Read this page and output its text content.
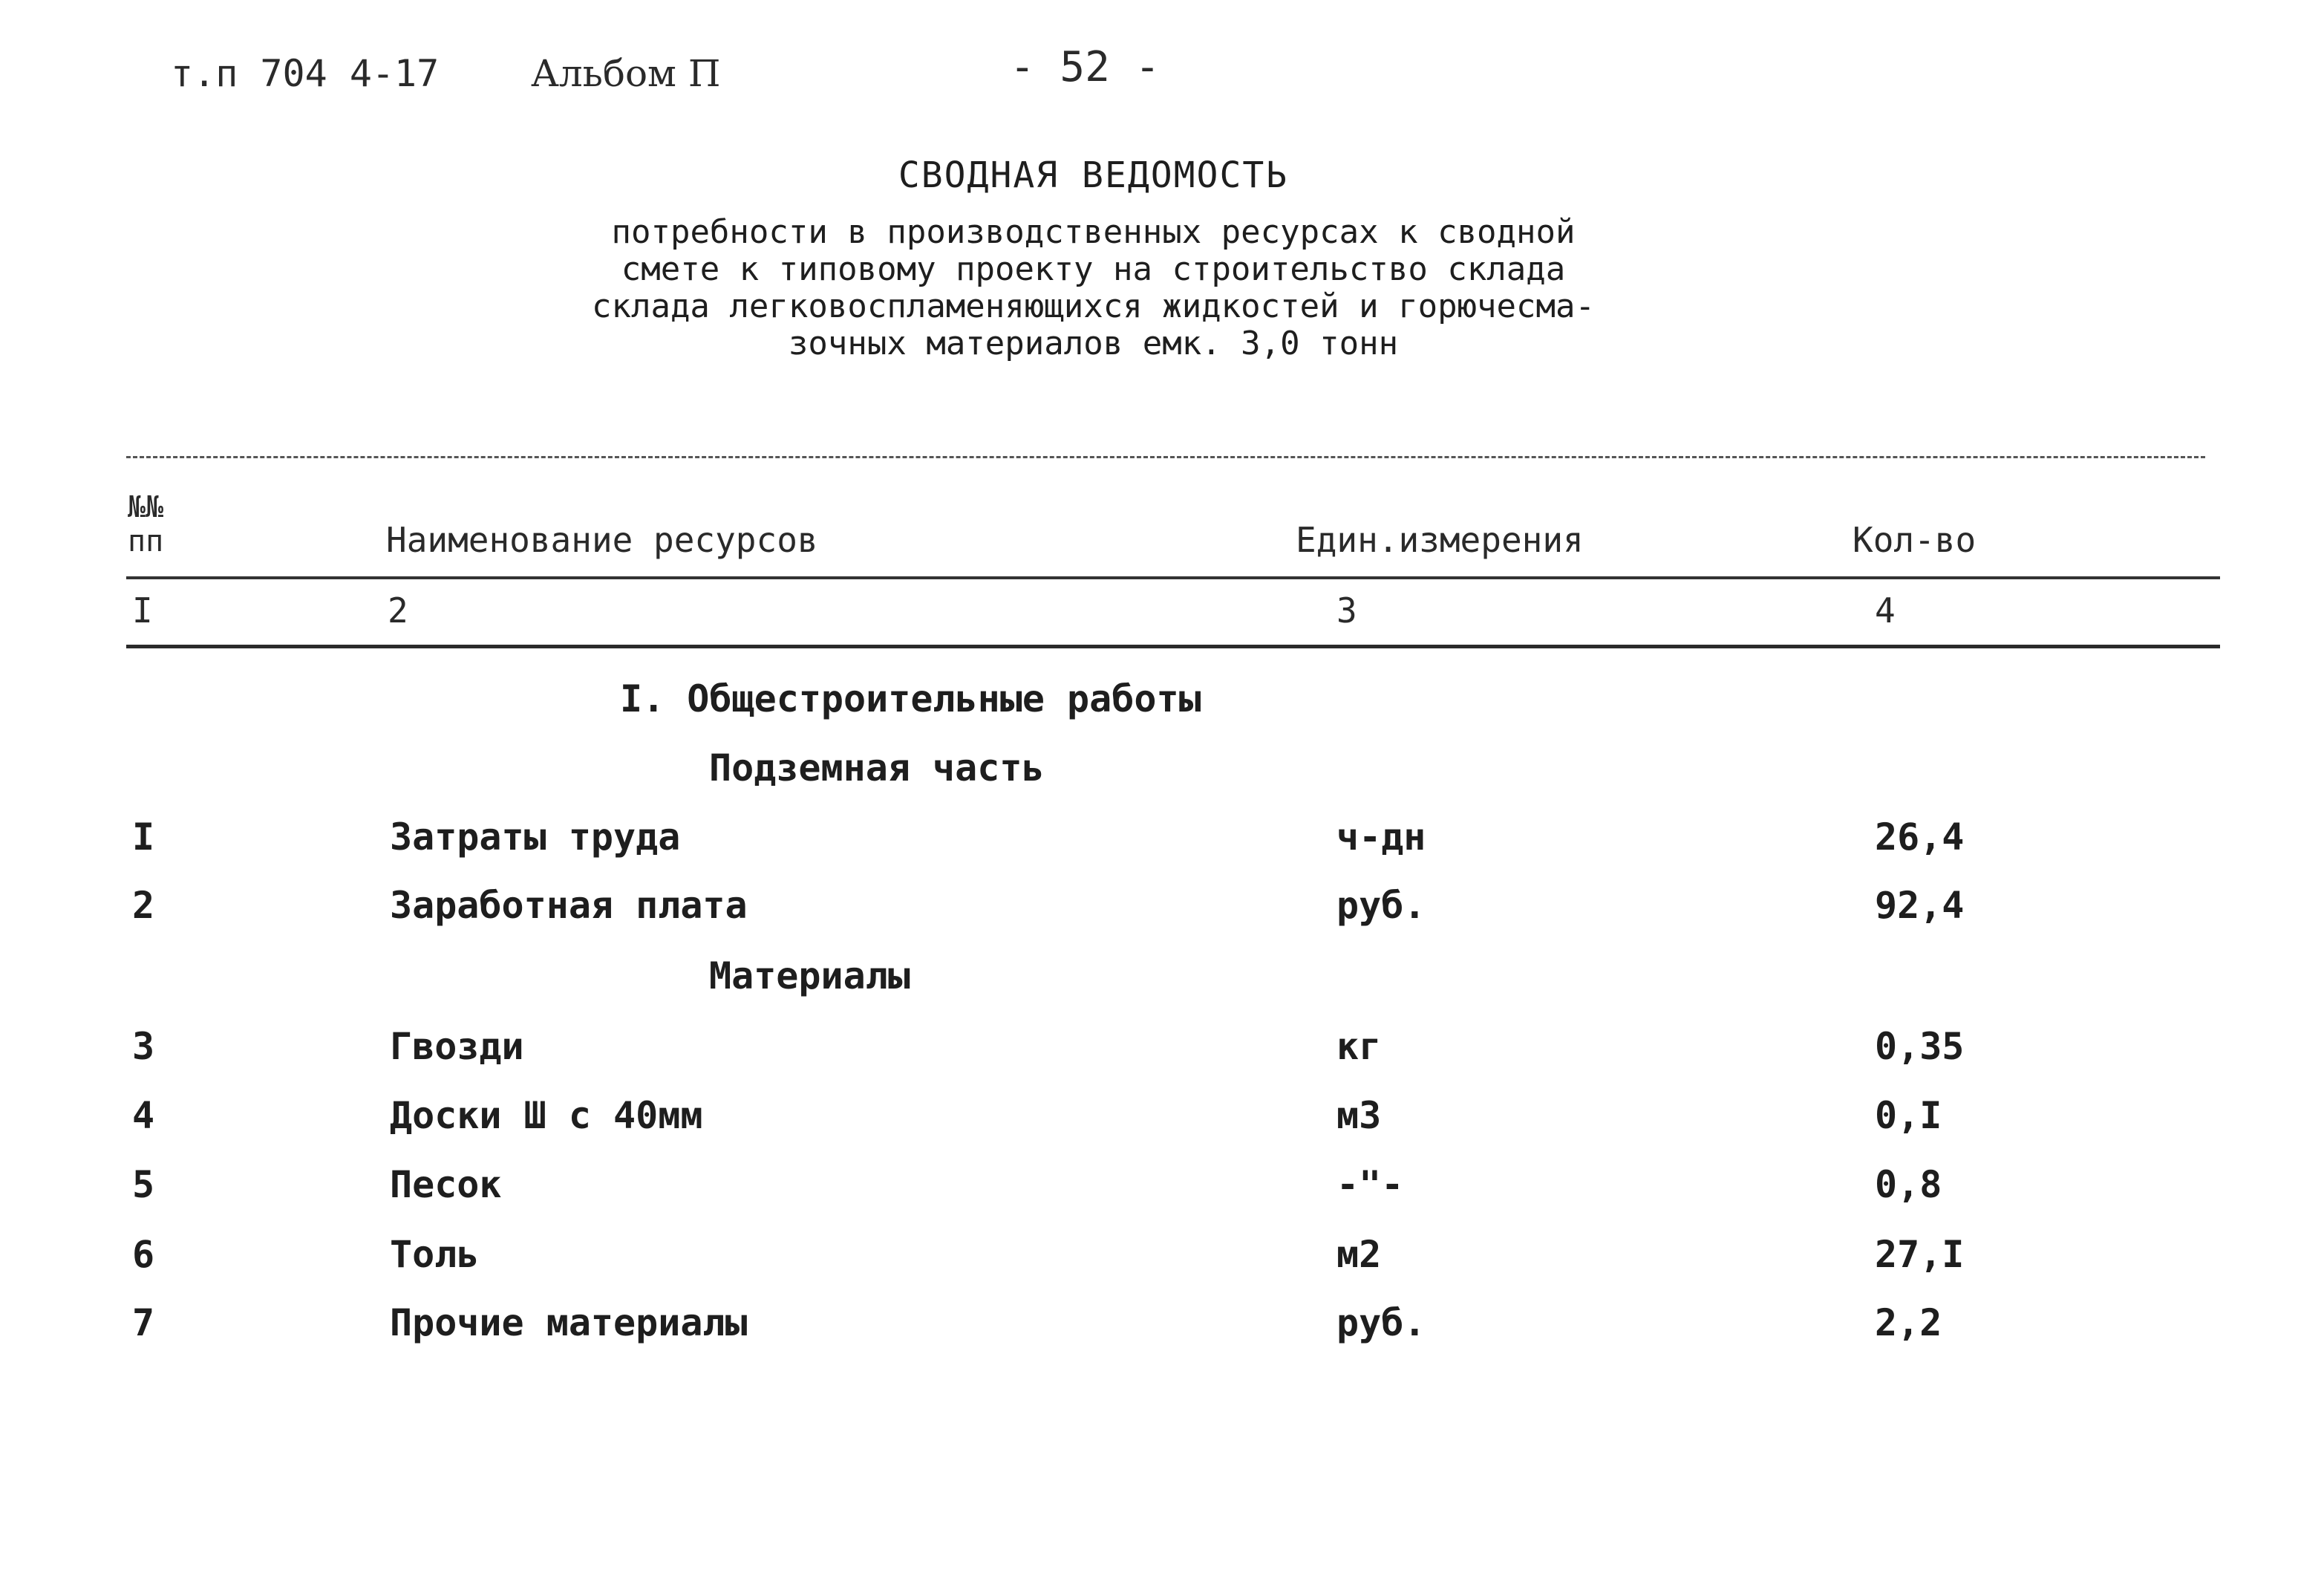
т.п 704 4-17 Альбом П	- 52 -
СВОДНАЯ ВЕДОМОСТЬ
потребности в производственных ресурсах к сводной
смете к типовому проекту на строительство склада
склада легковоспламеняющихся жидкостей и горючесма-
зочных материалов емк. 3,0 тонн
№№
пп	Наименование ресурсов	Един.измерения	Кол-во
I	2	3	4
I. Общестроительные работы
Подземная часть
Материалы
I	Затраты труда	ч-дн	26,4
2	Заработная плата	руб.	92,4
3	Гвозди	кг	0,35
4	Доски Ш с 40мм	м3	0,I
5	Песок	-"-	0,8
6	Толь	м2	27,I
7	Прочие материалы	руб.	2,2
